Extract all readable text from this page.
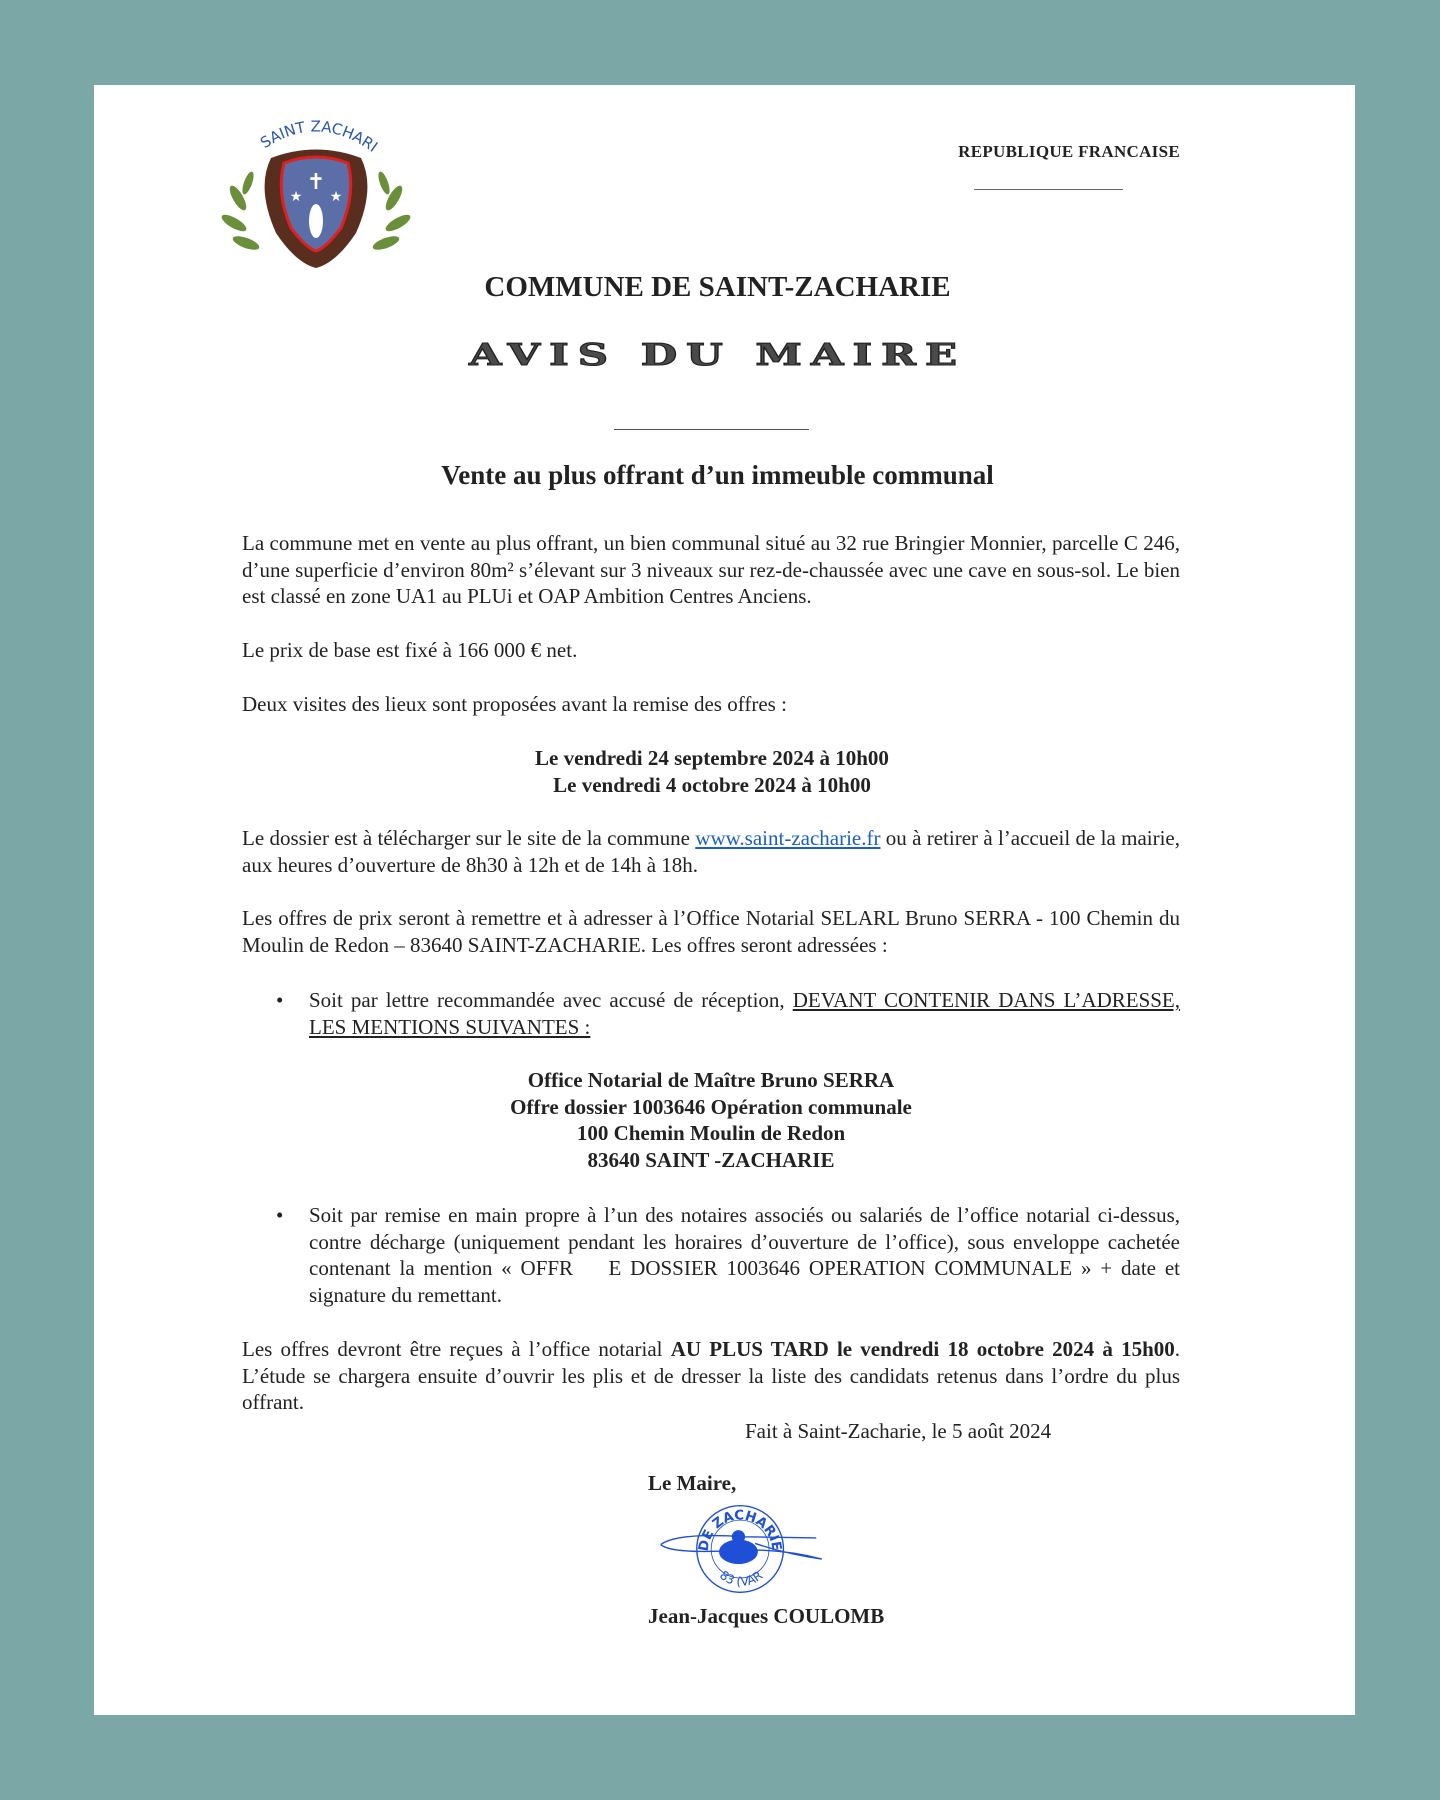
SAINT ZACHARI
✝
★ ★
REPUBLIQUE FRANCAISE
COMMUNE DE SAINT-ZACHARIE
AVIS DU MAIRE
Vente au plus offrant d’un immeuble communal
La commune met en vente au plus offrant, un bien communal situé au 32 rue Bringier Monnier, parcelle C 246, d’une superficie d’environ 80m² s’élevant sur 3 niveaux sur rez-de-chaussée avec une cave en sous-sol. Le bien est classé en zone UA1 au PLUi et OAP Ambition Centres Anciens.
Le prix de base est fixé à 166 000 € net.
Deux visites des lieux sont proposées avant la remise des offres :
Le vendredi 24 septembre 2024 à 10h00
Le vendredi 4 octobre 2024 à 10h00
Le dossier est à télécharger sur le site de la commune www.saint-zacharie.fr ou à retirer à l’accueil de la mairie, aux heures d’ouverture de 8h30 à 12h et de 14h à 18h.
Les offres de prix seront à remettre et à adresser à l’Office Notarial SELARL Bruno SERRA - 100 Chemin du Moulin de Redon – 83640 SAINT-ZACHARIE. Les offres seront adressées :
• Soit par lettre recommandée avec accusé de réception, DEVANT CONTENIR DANS L’ADRESSE, LES MENTIONS SUIVANTES :
Office Notarial de Maître Bruno SERRA
Offre dossier 1003646 Opération communale
100 Chemin Moulin de Redon
83640 SAINT -ZACHARIE
• Soit par remise en main propre à l’un des notaires associés ou salariés de l’office notarial ci-dessus, contre décharge (uniquement pendant les horaires d’ouverture de l’office), sous enveloppe cachetée contenant la mention « OFFR    E DOSSIER 1003646 OPERATION COMMUNALE » + date et signature du remettant.
Les offres devront être reçues à l’office notarial AU PLUS TARD le vendredi 18 octobre 2024 à 15h00. L’étude se chargera ensuite d’ouvrir les plis et de dresser la liste des candidats retenus dans l’ordre du plus offrant.
Fait à Saint-Zacharie, le 5 août 2024
Le Maire,
DE ZACHARIE
83 (VAR
Jean-Jacques COULOMB
